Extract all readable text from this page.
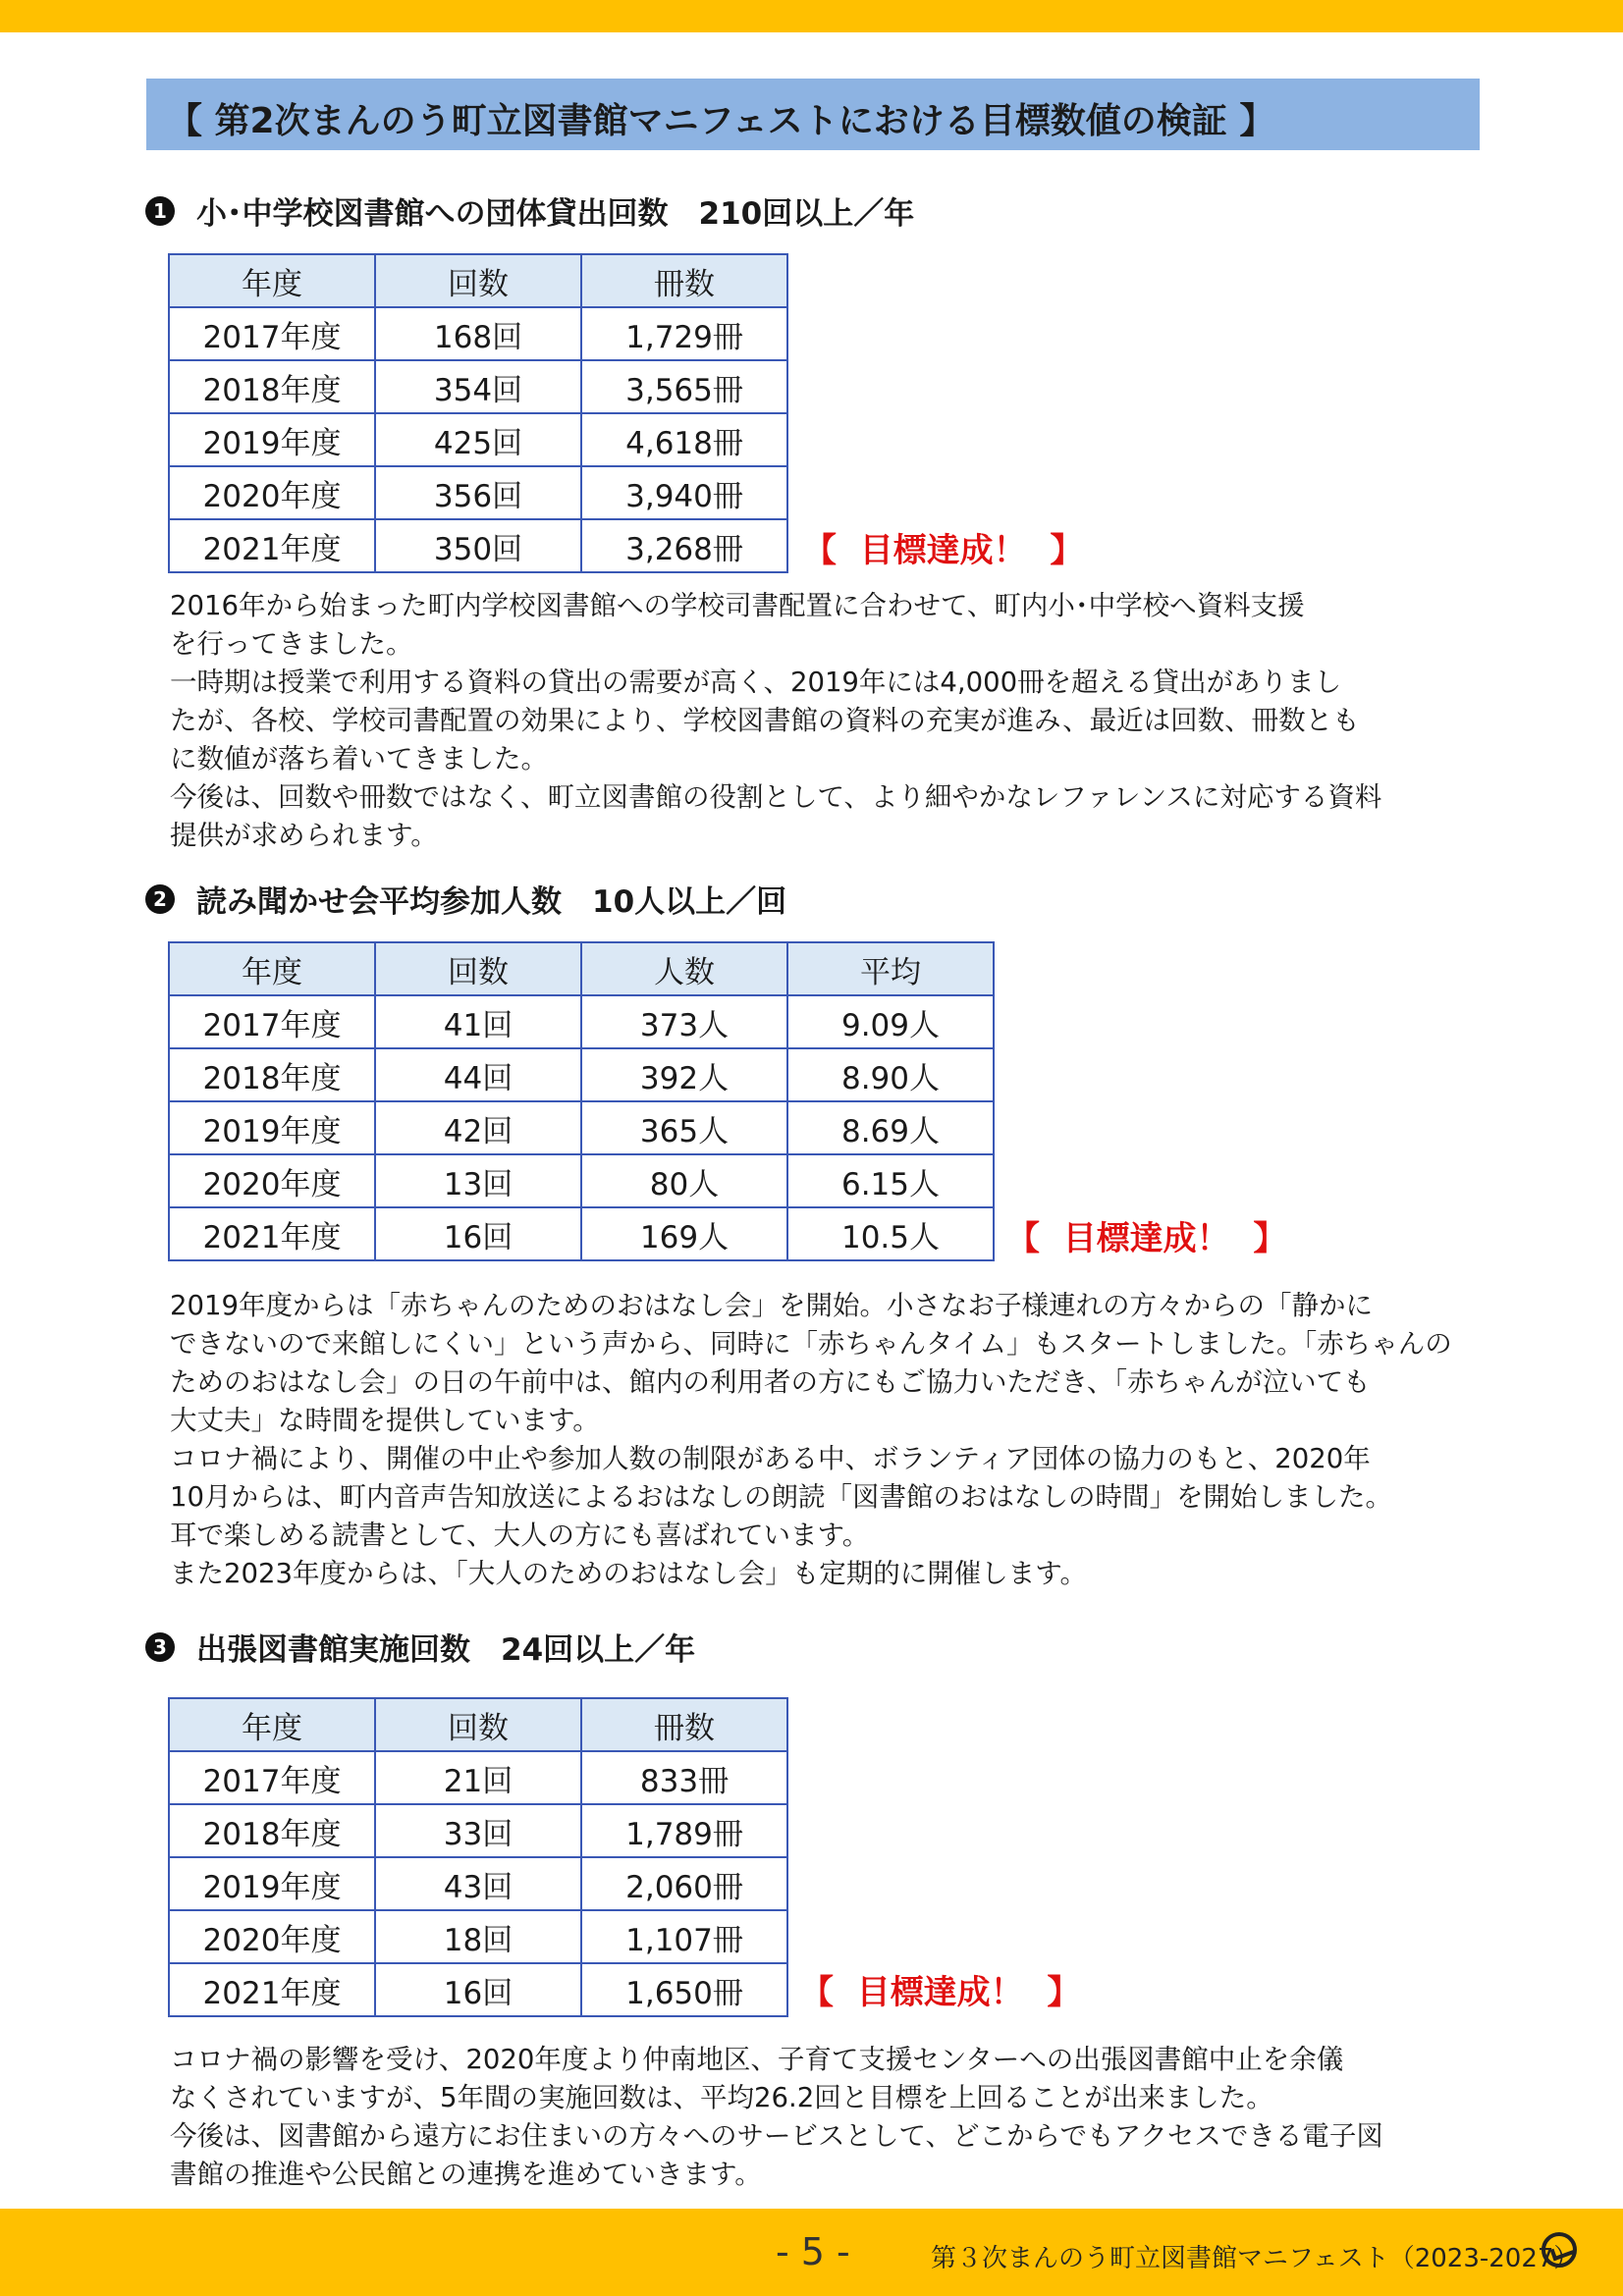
【 第2次まんのう町立図書館マニフェストにおける目標数値の検証 】
1 小･中学校図書館への団体貸出回数　210回以上／年
年度	回数	冊数
2017年度	168回	1,729冊
2018年度	354回	3,565冊
2019年度	425回	4,618冊
2020年度	356回	3,940冊
2021年度	350回	3,268冊 【  目標達成！  】

2016年から始まった町内学校図書館への学校司書配置に合わせて、町内小･中学校へ資料支援

を行ってきました。

一時期は授業で利用する資料の貸出の需要が高く、2019年には4,000冊を超える貸出がありまし

たが、各校、学校司書配置の効果により、学校図書館の資料の充実が進み、最近は回数、冊数とも

に数値が落ち着いてきました。

今後は、回数や冊数ではなく、町立図書館の役割として、より細やかなレファレンスに対応する資料

提供が求められます。

2 読み聞かせ会平均参加人数　10人以上／回
年度	回数	人数	平均
2017年度	41回	373人	9.09人
2018年度	44回	392人	8.90人
2019年度	42回	365人	8.69人
2020年度	13回	80人	6.15人
2021年度	16回	169人	10.5人 【  目標達成！  】

2019年度からは「赤ちゃんのためのおはなし会」を開始。小さなお子様連れの方々からの「静かに

できないので来館しにくい」という声から、同時に「赤ちゃんタイム」もスタートしました。「赤ちゃんの

ためのおはなし会」の日の午前中は、館内の利用者の方にもご協力いただき、「赤ちゃんが泣いても

大丈夫」な時間を提供しています。

コロナ禍により、開催の中止や参加人数の制限がある中、ボランティア団体の協力のもと、2020年

10月からは、町内音声告知放送によるおはなしの朗読「図書館のおはなしの時間」を開始しました。

耳で楽しめる読書として、大人の方にも喜ばれています。

また2023年度からは、「大人のためのおはなし会」も定期的に開催します。

3 出張図書館実施回数　24回以上／年
年度	回数	冊数
2017年度	21回	833冊
2018年度	33回	1,789冊
2019年度	43回	2,060冊
2020年度	18回	1,107冊
2021年度	16回	1,650冊 【  目標達成！  】

コロナ禍の影響を受け、2020年度より仲南地区、子育て支援センターへの出張図書館中止を余儀

なくされていますが、5年間の実施回数は、平均26.2回と目標を上回ることが出来ました。

今後は、図書館から遠方にお住まいの方々へのサービスとして、どこからでもアクセスできる電子図

書館の推進や公民館との連携を進めていきます。

- 5 -	第３次まんのう町立図書館マニフェスト（2023-2027）
